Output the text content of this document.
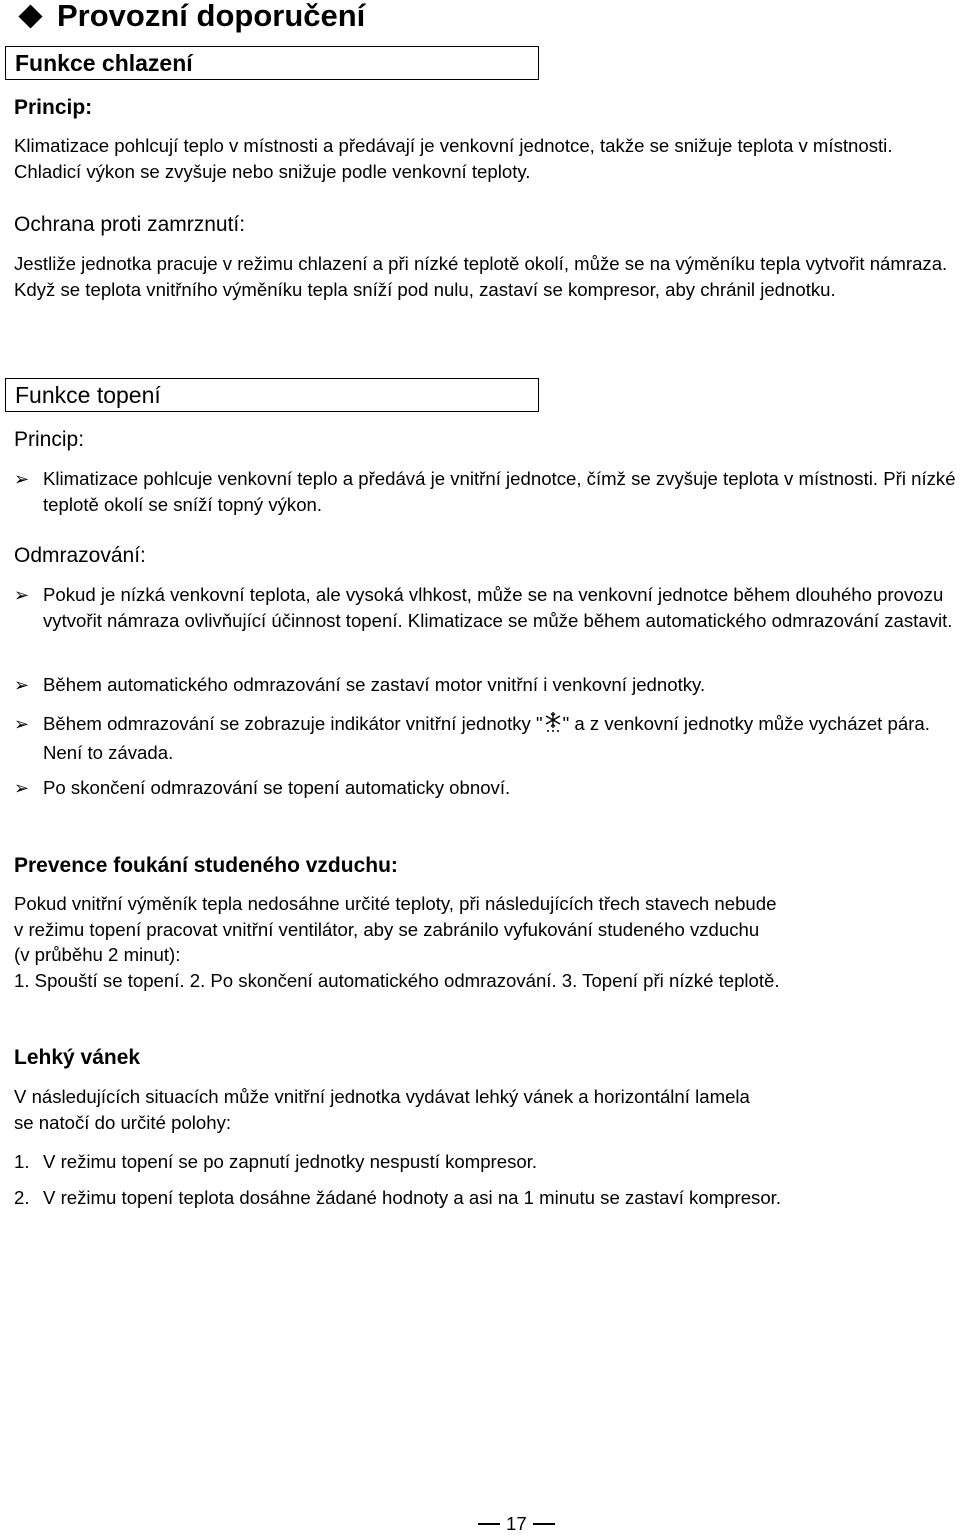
Provozní doporučení
Funkce chlazení
Princip:
Klimatizace pohlcují teplo v místnosti a předávají je venkovní jednotce, takže se snižuje teplota v místnosti. Chladicí výkon se zvyšuje nebo snižuje podle venkovní teploty.
Ochrana proti zamrznutí:
Jestliže jednotka pracuje v režimu chlazení a při nízké teplotě okolí, může se na výměníku tepla vytvořit námraza. Když se teplota vnitřního výměníku tepla sníží pod nulu, zastaví se kompresor, aby chránil jednotku.
Funkce topení
Princip:
➢ Klimatizace pohlcuje venkovní teplo a předává je vnitřní jednotce, čímž se zvyšuje teplota v místnosti. Při nízké teplotě okolí se sníží topný výkon.
Odmrazování:
➢ Pokud je nízká venkovní teplota, ale vysoká vlhkost, může se na venkovní jednotce během dlouhého provozu vytvořit námraza ovlivňující účinnost topení. Klimatizace se může během automatického odmrazování zastavit.
➢ Během automatického odmrazování se zastaví motor vnitřní i venkovní jednotky.
➢ Během odmrazování se zobrazuje indikátor vnitřní jednotky " " a z venkovní jednotky může vycházet pára. Není to závada.
➢ Po skončení odmrazování se topení automaticky obnoví.
Prevence foukání studeného vzduchu:
Pokud vnitřní výměník tepla nedosáhne určité teploty, při následujících třech stavech nebude
v režimu topení pracovat vnitřní ventilátor, aby se zabránilo vyfukování studeného vzduchu
(v průběhu 2 minut):
1. Spouští se topení. 2. Po skončení automatického odmrazování. 3. Topení při nízké teplotě.
Lehký vánek
V následujících situacích může vnitřní jednotka vydávat lehký vánek a horizontální lamela
se natočí do určité polohy:
1. V režimu topení se po zapnutí jednotky nespustí kompresor.
2. V režimu topení teplota dosáhne žádané hodnoty a asi na 1 minutu se zastaví kompresor.
17
